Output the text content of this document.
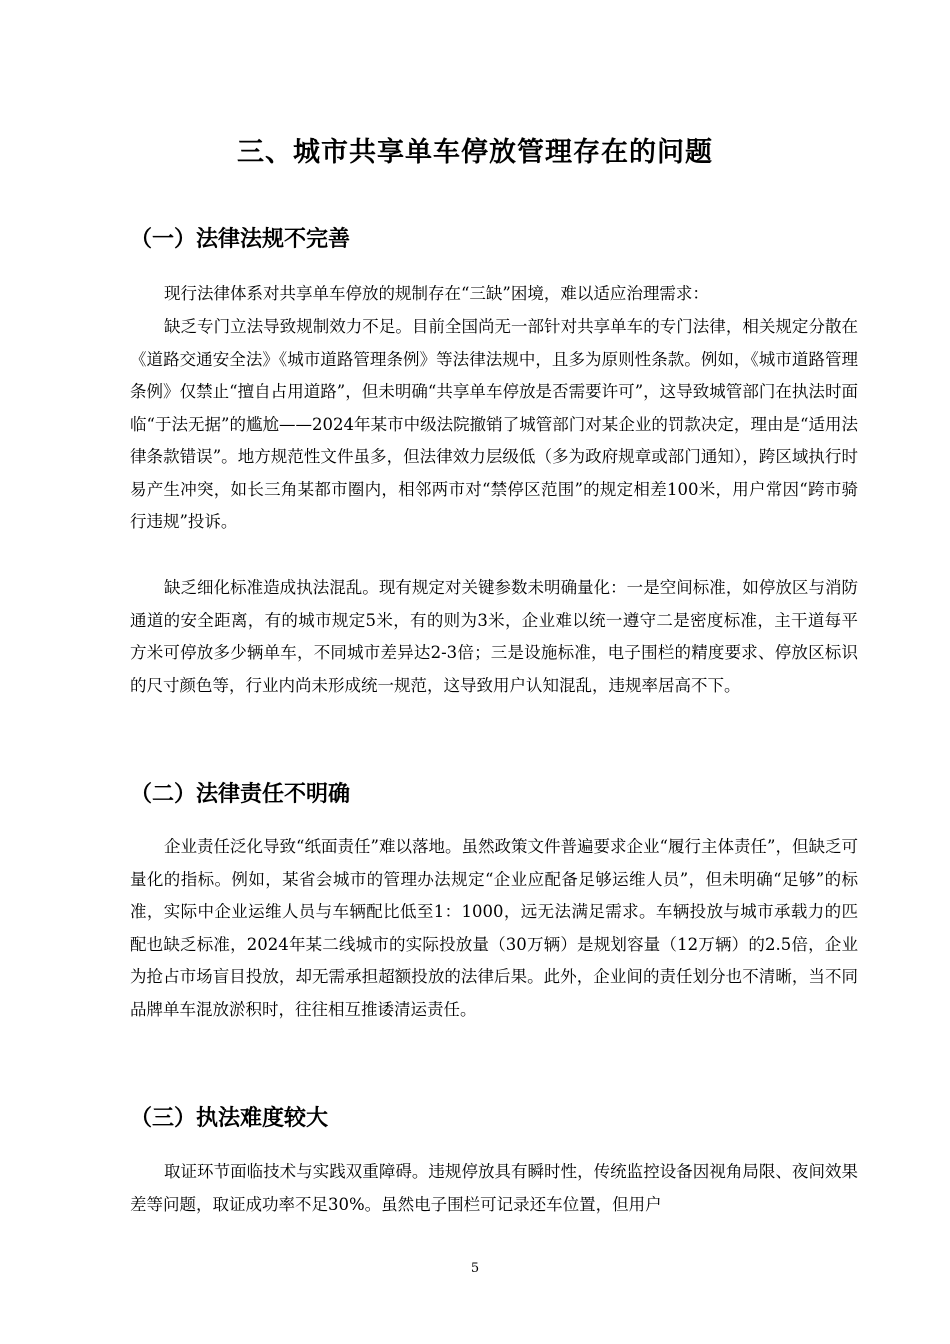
三、城市共享单车停放管理存在的问题
（一）法律法规不完善

现行法律体系对共享单车停放的规制存在“三缺”困境，难以适应治理需求：

缺乏专门立法导致规制效力不足。目前全国尚无一部针对共享单车的专门法律，相关规定分散在《道路交通安全法》《城市道路管理条例》等法律法规中，且多为原则性条款。例如，《城市道路管理条例》仅禁止“擅自占用道路”，但未明确“共享单车停放是否需要许可”，这导致城管部门在执法时面临“于法无据”的尴尬——2024年某市中级法院撤销了城管部门对某企业的罚款决定，理由是“适用法律条款错误”。地方规范性文件虽多，但法律效力层级低（多为政府规章或部门通知），跨区域执行时易产生冲突，如长三角某都市圈内，相邻两市对“禁停区范围”的规定相差100米，用户常因“跨市骑行违规”投诉。

缺乏细化标准造成执法混乱。现有规定对关键参数未明确量化：一是空间标准，如停放区与消防通道的安全距离，有的城市规定5米，有的则为3米，企业难以统一遵守二是密度标准，主干道每平方米可停放多少辆单车，不同城市差异达2-3倍；三是设施标准，电子围栏的精度要求、停放区标识的尺寸颜色等，行业内尚未形成统一规范，这导致用户认知混乱，违规率居高不下。

（二）法律责任不明确

企业责任泛化导致“纸面责任”难以落地。虽然政策文件普遍要求企业“履行主体责任”，但缺乏可量化的指标。例如，某省会城市的管理办法规定“企业应配备足够运维人员”，但未明确“足够”的标准，实际中企业运维人员与车辆配比低至1：1000，远无法满足需求。车辆投放与城市承载力的匹配也缺乏标准，2024年某二线城市的实际投放量（30万辆）是规划容量（12万辆）的2.5倍，企业为抢占市场盲目投放，却无需承担超额投放的法律后果。此外，企业间的责任划分也不清晰，当不同品牌单车混放淤积时，往往相互推诿清运责任。

（三）执法难度较大

取证环节面临技术与实践双重障碍。违规停放具有瞬时性，传统监控设备因视角局限、夜间效果差等问题，取证成功率不足30%。虽然电子围栏可记录还车位置，但用户

5
